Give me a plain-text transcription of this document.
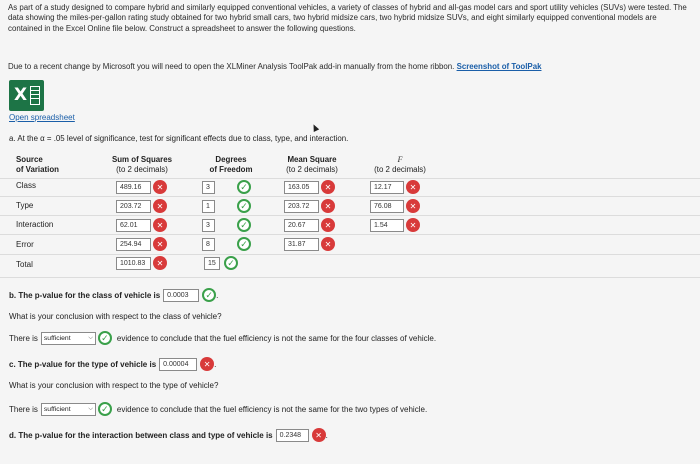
As part of a study designed to compare hybrid and similarly equipped conventional vehicles, a variety of classes of hybrid and all-gas model cars and sport utility vehicles (SUVs) were tested. The data showing the miles-per-gallon rating study obtained for two hybrid small cars, two hybrid midsize cars, two hybrid midsize SUVs, and eight similarly equipped conventional models are contained in the Excel Online file below. Construct a spreadsheet to answer the following questions.
Due to a recent change by Microsoft you will need to open the XLMiner Analysis ToolPak add-in manually from the home ribbon. Screenshot of ToolPak
X
Open spreadsheet
a. At the α = .05 level of significance, test for significant effects due to class, type, and interaction.
Source
of Variation
Sum of Squares
(to 2 decimals)
Degrees
of Freedom
Mean Square
(to 2 decimals)
F
(to 2 decimals)
Class	489.16 ✕	3 ✓	163.05 ✕	12.17
✕
Type	203.72 ✕	1 ✓	203.72 ✕	76.08
✕
Interaction	62.01 ✕	3 ✓	20.67 ✕	1.54
✕
Error	254.94 ✕	8 ✓	31.87
✕
Total	1010.83 ✕	15
✓
b. The p-value for the class of vehicle is	0.0003 ✓	.
What is your conclusion with respect to the class of vehicle?
There is sufficient	⌵ ✓	evidence to conclude that the fuel efficiency is not the same for the four classes of vehicle.
c. The p-value for the type of vehicle is	0.00004 ✕	.
What is your conclusion with respect to the type of vehicle?
There is sufficient	⌵ ✓	evidence to conclude that the fuel efficiency is not the same for the two types of vehicle.
d. The p-value for the interaction between class and type of vehicle is	0.2348 ✕	.
